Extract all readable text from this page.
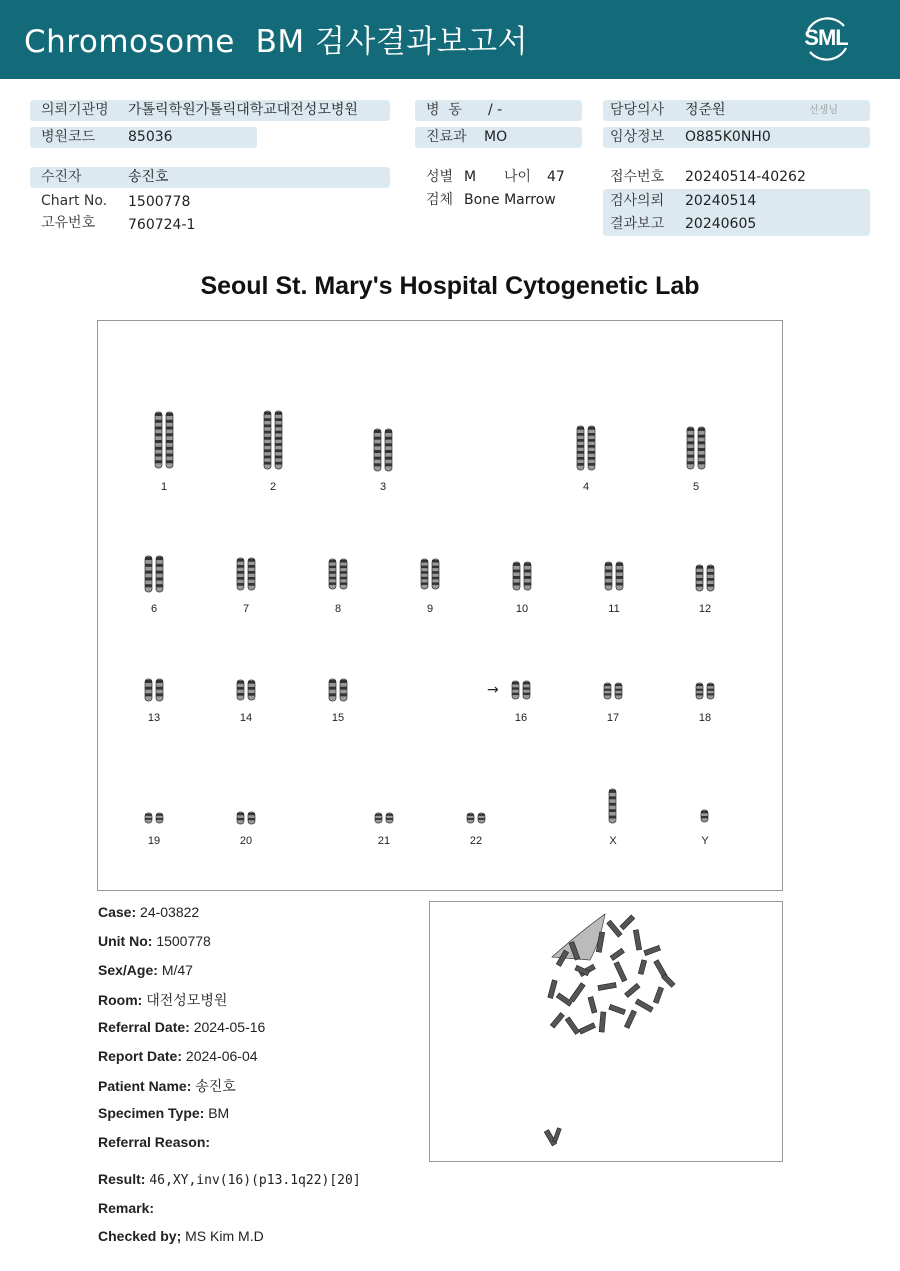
Chromosome  BM 검사결과보고서	SML
의뢰기관명 가톨릭학원가톨릭대학교대전성모병원
병원코드 85036
병  동 / -
진료과 MO
담당의사 정준원	선생님
임상정보 O885K0NH0
수진자	송진호
Chart No. 1500778
고유번호 760724-1
성별 M 나이 47
검체 Bone Marrow
접수번호 20240514-40262
검사의뢰 20240514
결과보고 20240605
Seoul St. Mary's Hospital Cytogenetic Lab
1	2	3	4	5
6	7	8	9	10	11	12
13	14	15	16	17	18
19	20	21	22	X	Y
→
Case: 24-03822
Unit No: 1500778
Sex/Age: M/47
Room: 대전성모병원
Referral Date: 2024-05-16
Report Date: 2024-06-04
Patient Name: 송진호
Specimen Type: BM
Referral Reason:
Result: 46,XY,inv(16)(p13.1q22)[20]
Remark:
Checked by; MS Kim M.D
